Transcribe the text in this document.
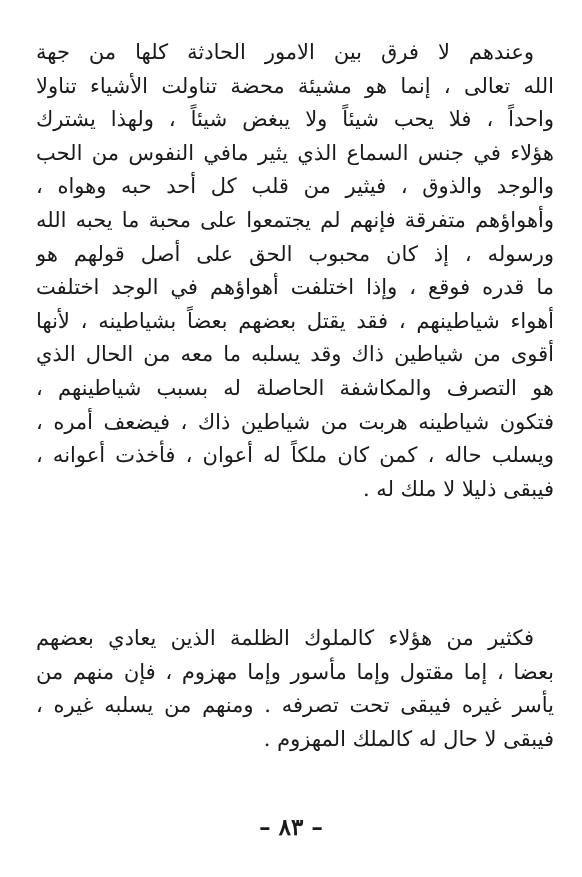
وعندهم لا فرق بين الامور الحادثة كلها من جهة
الله تعالى ، إنما هو مشيئة محضة تناولت الأشياء تناولا
واحداً ، فلا يحب شيئاً ولا يبغض شيئاً ، ولهذا يشترك
هؤلاء في جنس السماع الذي يثير مافي النفوس من الحب
والوجد والذوق ، فيثير من قلب كل أحد حبه وهواه ،
وأهواؤهم متفرقة فإنهم لم يجتمعوا على محبة ما يحبه الله
ورسوله ، إذ كان محبوب الحق على أصل قولهم هو
ما قدره فوقع ، وإذا اختلفت أهواؤهم في الوجد اختلفت
أهواء شياطينهم ، فقد يقتل بعضهم بعضاً بشياطينه ، لأنها
أقوى من شياطين ذاك وقد يسلبه ما معه من الحال الذي
هو التصرف والمكاشفة الحاصلة له بسبب شياطينهم ،
فتكون شياطينه هربت من شياطين ذاك ، فيضعف أمره ،
ويسلب حاله ، كمن كان ملكاً له أعوان ، فأخذت أعوانه ،
فيبقى ذليلا لا ملك له .
فكثير من هؤلاء كالملوك الظلمة الذين يعادي بعضهم
بعضا ، إما مقتول وإما مأسور وإما مهزوم ، فإن منهم من
يأسر غيره فيبقى تحت تصرفه . ومنهم من يسلبه غيره ،
فيبقى لا حال له كالملك المهزوم .
– ٨٣ –
